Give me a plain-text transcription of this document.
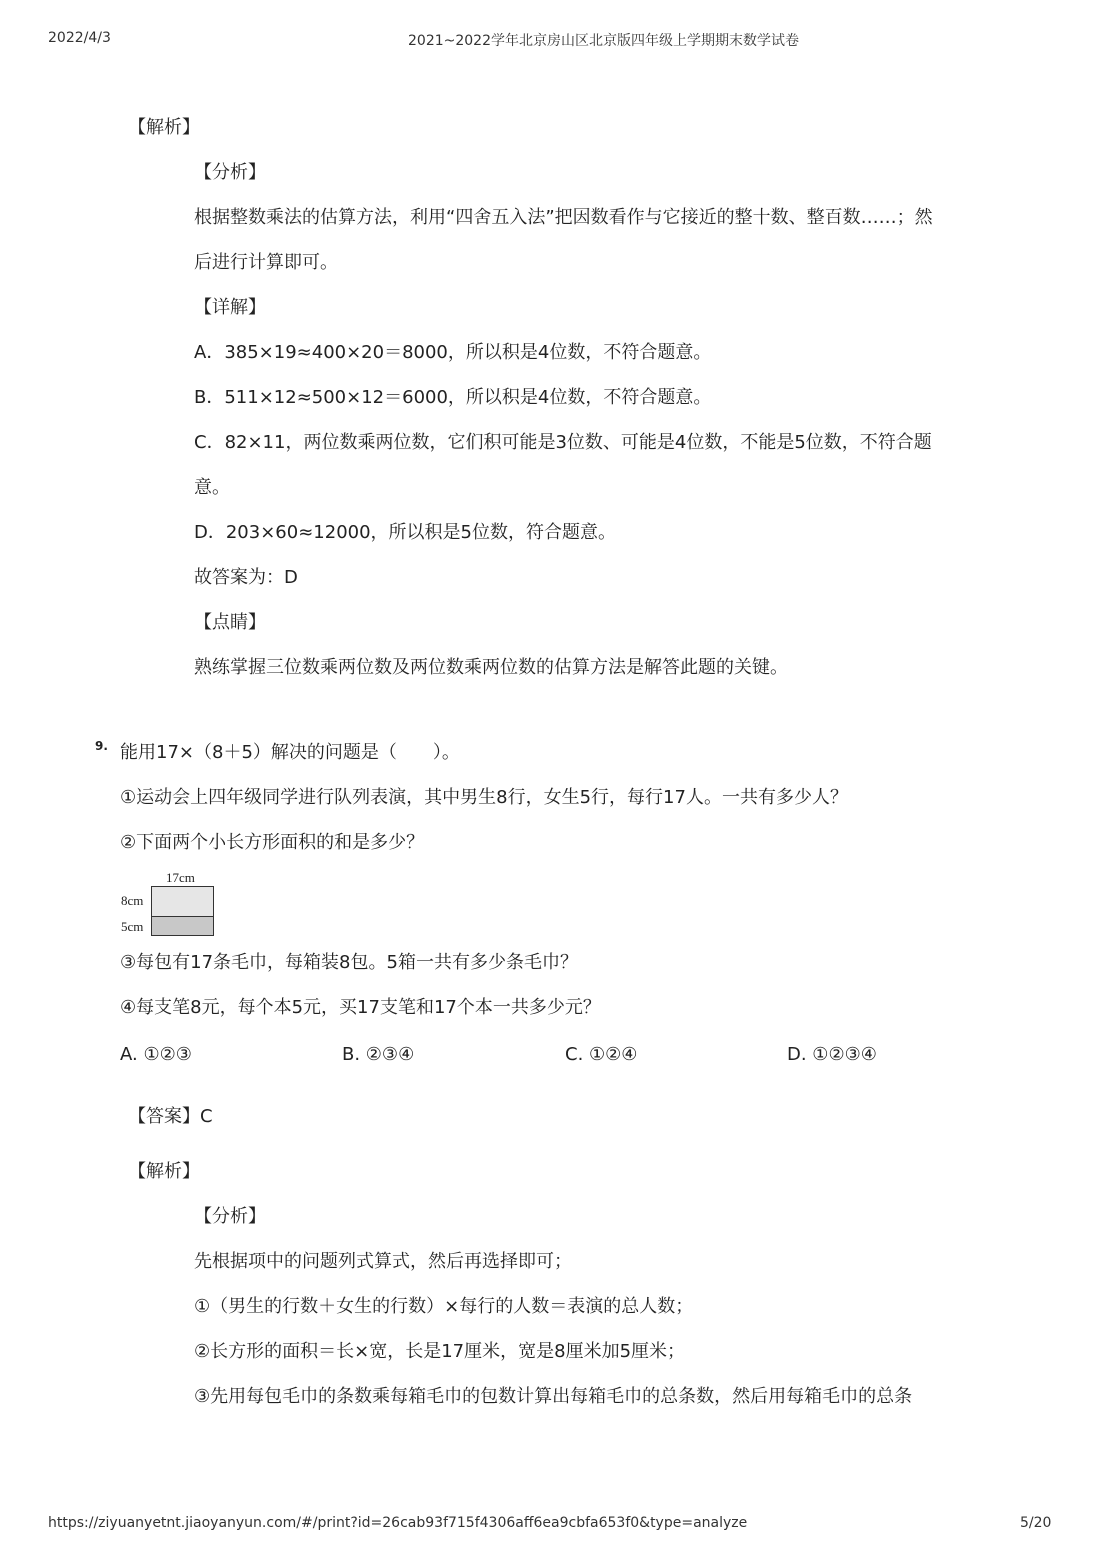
2022/4/3	2021~2022学年北京房山区北京版四年级上学期期末数学试卷
【解析】
【分析】
根据整数乘法的估算方法，利用“四舍五入法”把因数看作与它接近的整十数、整百数……；然
后进行计算即可。
【详解】
A．385×19≈400×20＝8000，所以积是4位数，不符合题意。
B．511×12≈500×12＝6000，所以积是4位数，不符合题意。
C．82×11，两位数乘两位数，它们积可能是3位数、可能是4位数，不能是5位数，不符合题
意。
D．203×60≈12000，所以积是5位数，符合题意。
故答案为：D
【点睛】
熟练掌握三位数乘两位数及两位数乘两位数的估算方法是解答此题的关键。
9. 能用17×（8＋5）解决的问题是（　　）。
①运动会上四年级同学进行队列表演，其中男生8行，女生5行，每行17人。一共有多少人？
②下面两个小长方形面积的和是多少？
17cm
8cm
5cm
③每包有17条毛巾，每箱装8包。5箱一共有多少条毛巾？
④每支笔8元，每个本5元，买17支笔和17个本一共多少元？
A. ①②③	B. ②③④	C. ①②④	D. ①②③④
【答案】C
【解析】
【分析】
先根据项中的问题列式算式，然后再选择即可；
①（男生的行数＋女生的行数）×每行的人数＝表演的总人数；
②长方形的面积＝长×宽，长是17厘米，宽是8厘米加5厘米；
③先用每包毛巾的条数乘每箱毛巾的包数计算出每箱毛巾的总条数，然后用每箱毛巾的总条
https://ziyuanyetnt.jiaoyanyun.com/#/print?id=26cab93f715f4306aff6ea9cbfa653f0&type=analyze	5/20
